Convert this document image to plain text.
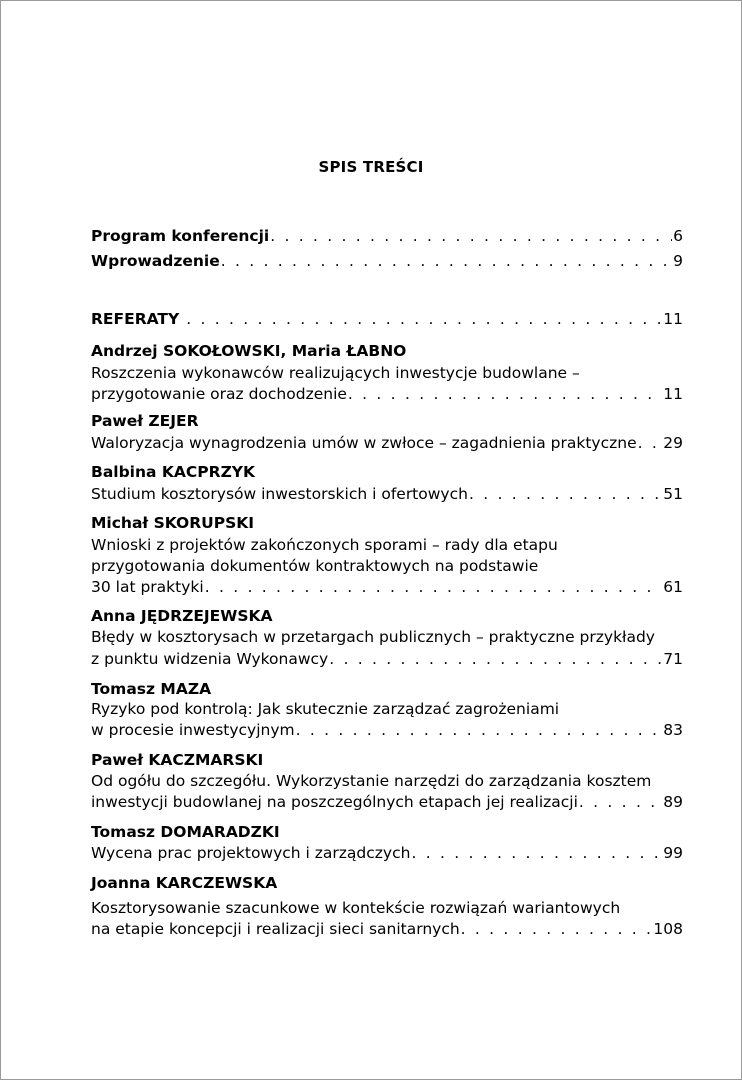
SPIS TREŚCI
Program konferencji . . .	6
Wprowadzenie . . .	9
REFERATY . . .	11
Andrzej SOKOŁOWSKI, Maria ŁABNO
Roszczenia wykonawców realizujących inwestycje budowlane –
przygotowanie oraz dochodzenie . . .	11
Paweł ZEJER
Waloryzacja wynagrodzenia umów w zwłoce – zagadnienia praktyczne . . . 29
Balbina KACPRZYK
Studium kosztorysów inwestorskich i ofertowych . . .	51
Michał SKORUPSKI
Wnioski z projektów zakończonych sporami – rady dla etapu
przygotowania dokumentów kontraktowych na podstawie
30 lat praktyki . . .	61
Anna JĘDRZEJEWSKA
Błędy w kosztorysach w przetargach publicznych – praktyczne przykłady
z punktu widzenia Wykonawcy . . .	71
Tomasz MAZA
Ryzyko pod kontrolą: Jak skutecznie zarządzać zagrożeniami
w procesie inwestycyjnym . . .	83
Paweł KACZMARSKI
Od ogółu do szczegółu. Wykorzystanie narzędzi do zarządzania kosztem
inwestycji budowlanej na poszczególnych etapach jej realizacji . . .	89
Tomasz DOMARADZKI
Wycena prac projektowych i zarządczych . . .	99
Joanna KARCZEWSKA
Kosztorysowanie szacunkowe w kontekście rozwiązań wariantowych
na etapie koncepcji i realizacji sieci sanitarnych . . .	108
